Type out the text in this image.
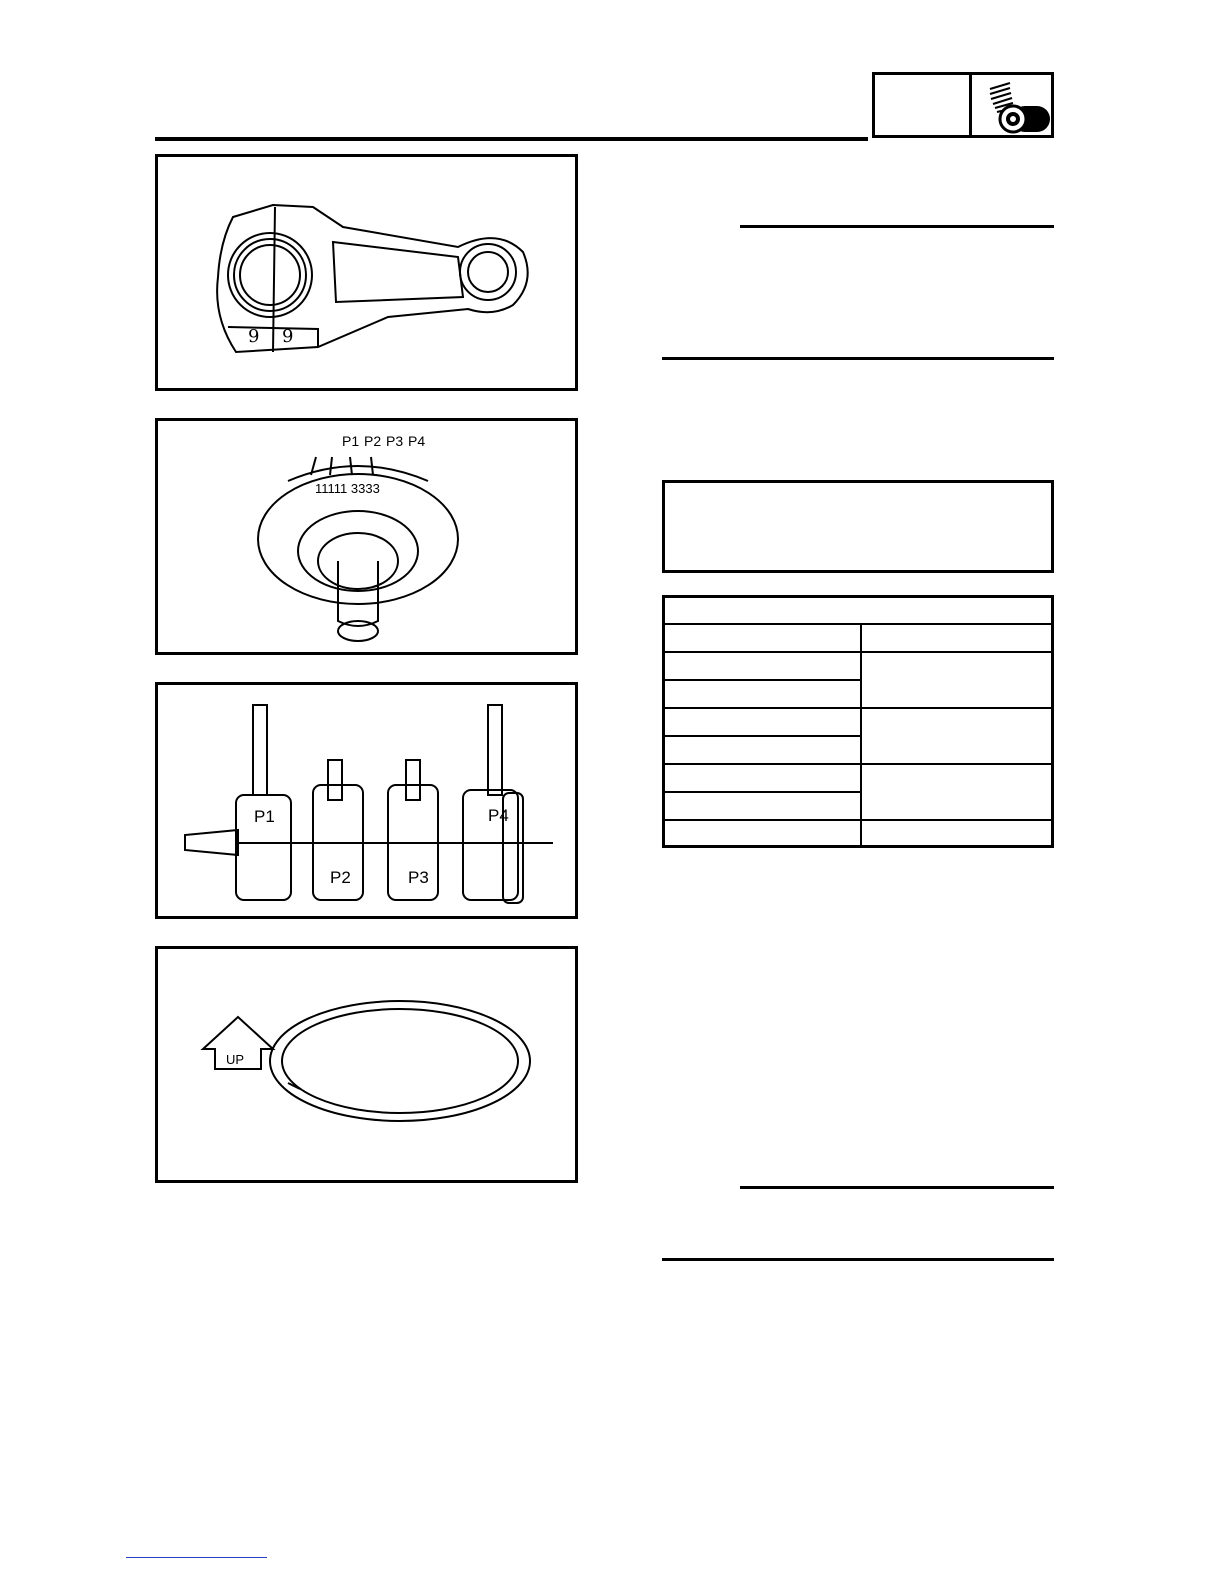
9 9
11111 3333
P1 P2 P3 P4
P1
P2	P3
P4
UP
